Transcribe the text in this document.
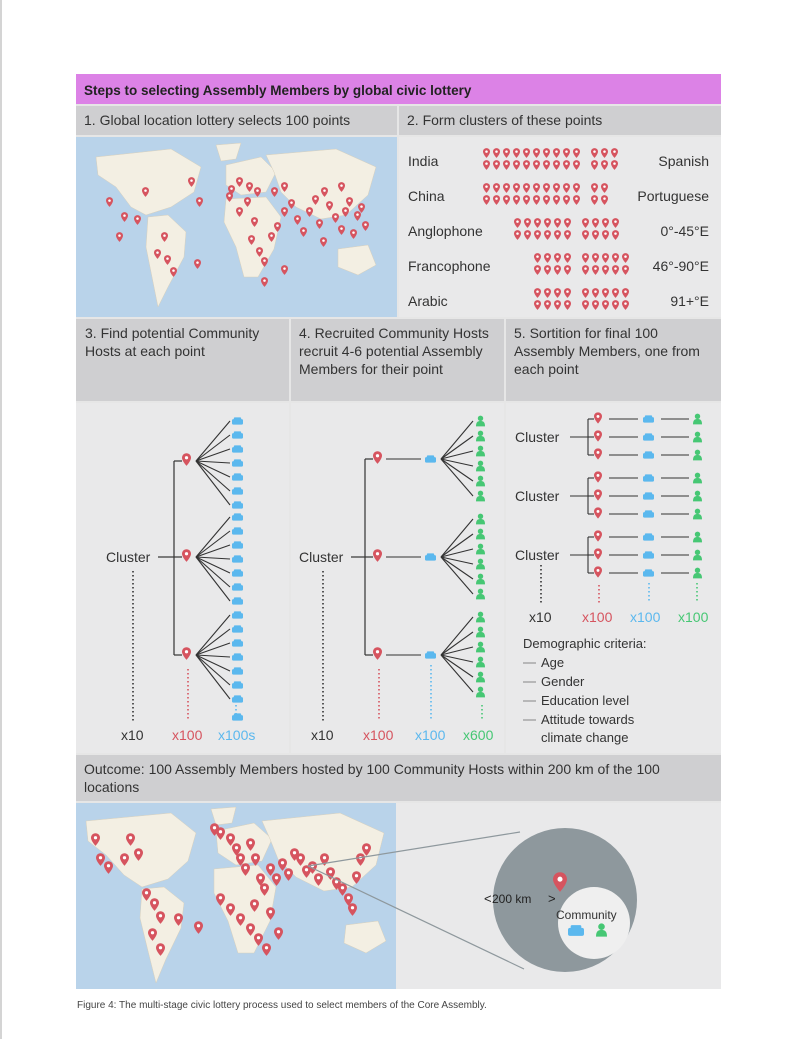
Steps to selecting Assembly Members by global civic lottery
1. Global location lottery selects 100 points	2. Form clusters of these points
India	Spanish
China	Portuguese
Anglophone	0°-45°E
Francophone	46°-90°E
Arabic	91+°E
3. Find potential Community Hosts at each point
4. Recruited Community Hosts recruit 4-6 potential Assembly Members for their point
5. Sortition for final 100 Assembly Members, one from each point
Cluster
x10 x100 x100s
Cluster
x10 x100 x100 x600
Cluster
Cluster
Cluster
x10 x100 x100 x100
Demographic criteria:
Age
Gender
Education level
Attitude towards
climate change
Outcome: 100 Assembly Members hosted by 100 Community Hosts within 200 km of the 100 locations
200 km
<	>
Community
Figure 4: The multi-stage civic lottery process used to select members of the Core Assembly.
